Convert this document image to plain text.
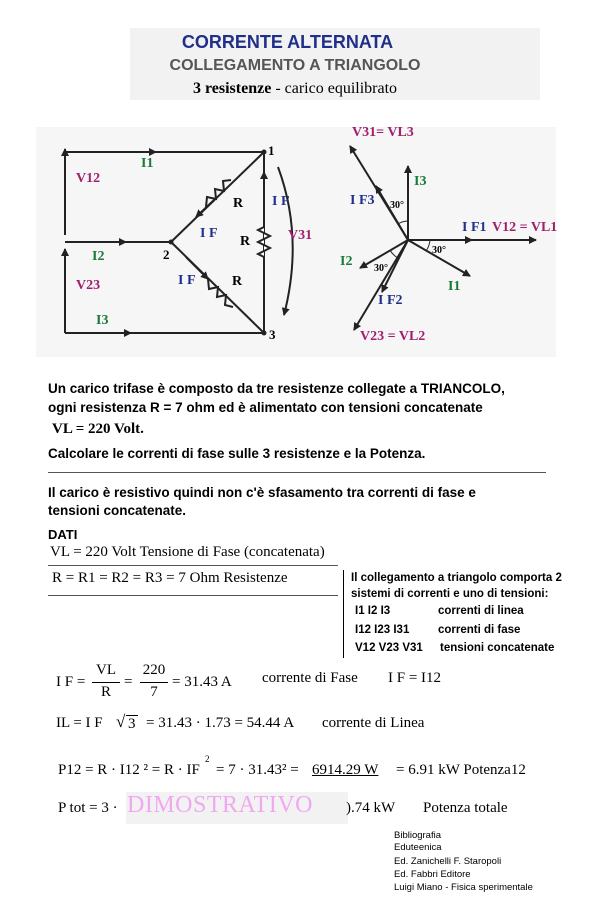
CORRENTE ALTERNATA
COLLEGAMENTO A TRIANGOLO
3 resistenze - carico equilibrato
V12
V23
V31
I1
I2
I3
I F
I F
I F
R
R
R
1
2
3
V31= VL3
I3
I F3 30°
I F1 V12 = VL1
30°
I2 30°
I1
I F2
V23 = VL2
Un carico trifase è composto da tre resistenze collegate a TRIANCOLO,
ogni resistenza R = 7 ohm ed è alimentato con tensioni concatenate
VL = 220 Volt.
Calcolare le correnti di fase sulle 3 resistenze e la Potenza.
Il carico è resistivo quindi non c'è sfasamento tra correnti di fase e
tensioni concatenate.
DATI
VL = 220 Volt Tensione di Fase (concatenata)
R = R1 = R2 = R3 = 7 Ohm Resistenze	Il collegamento a triangolo comporta 2
sistemi di correnti e uno di tensioni:
I1 I2 I3	correnti di linea
I12 I23 I31 correnti di fase
V12 V23 V31 tensioni concatenate
I F =
VL
R
=
220
7
= 31.43 A corrente di Fase I F = I12
IL = I F √ 3 = 31.43 · 1.73 = 54.44 A corrente di Linea
P12 = R · I12 ² = R · IF
2
= 7 · 31.43² = 6914.29 W = 6.91 kW Potenza12
P tot = 3 · DIMOSTRATIVO ).74 kW Potenza totale
Bibliografia
Eduteenica
Ed. Zanichelli F. Staropoli
Ed. Fabbri Editore
Luigi Miano - Fisica sperimentale
